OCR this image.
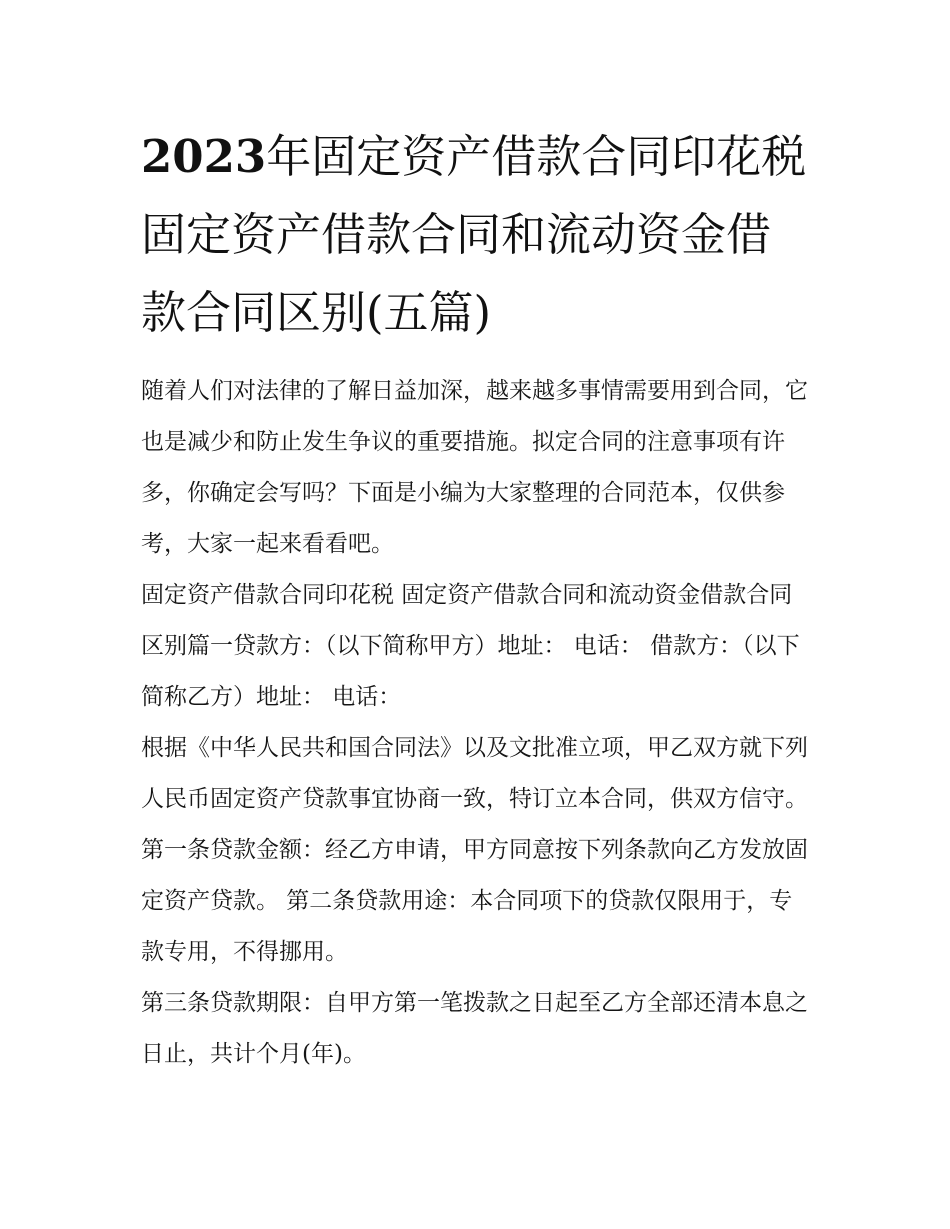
2023年固定资产借款合同印花税 固定资产借款合同和流动资金借款合同区别(五篇)

随着人们对法律的了解日益加深，越来越多事情需要用到合同，它也是减少和防止发生争议的重要措施。拟定合同的注意事项有许多，你确定会写吗？下面是小编为大家整理的合同范本，仅供参考，大家一起来看看吧。

固定资产借款合同印花税 固定资产借款合同和流动资金借款合同区别篇一贷款方：（以下简称甲方）地址： 电话： 借款方：（以下简称乙方）地址： 电话：

根据《中华人民共和国合同法》以及文批准立项，甲乙双方就下列人民币固定资产贷款事宜协商一致，特订立本合同，供双方信守。

第一条贷款金额：经乙方申请，甲方同意按下列条款向乙方发放固定资产贷款。 第二条贷款用途：本合同项下的贷款仅限用于，专款专用，不得挪用。

第三条贷款期限：自甲方第一笔拨款之日起至乙方全部还清本息之日止，共计个月(年)。
